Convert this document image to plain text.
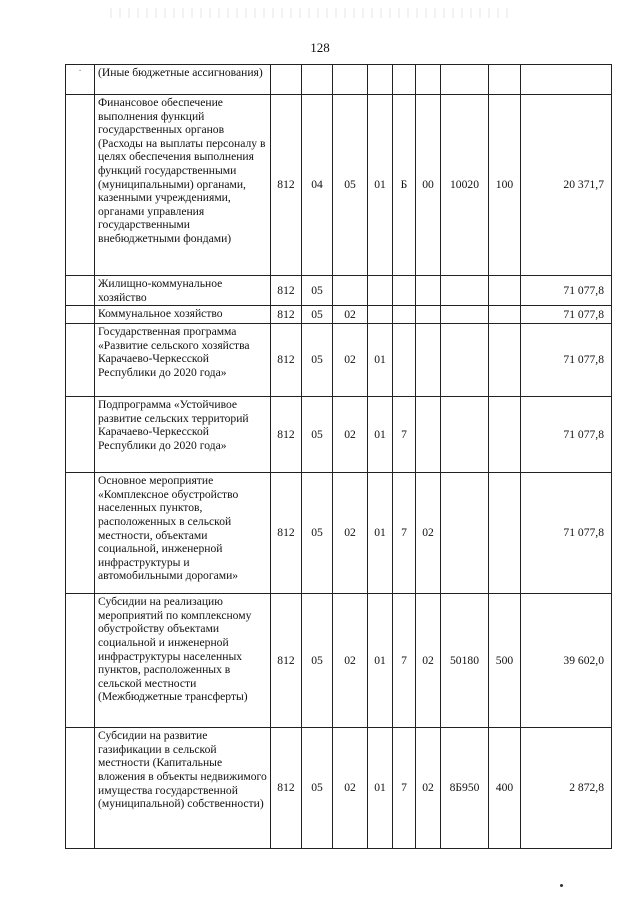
128
·	(Иные бюджетные ассигнования)									
	Финансовое обеспечение выполнения функций государственных органов (Расходы на выплаты персоналу в целях обеспечения выполнения функций государственными (муниципальными) органами, казенными учреждениями, органами управления государственными внебюджетными фондами)	812	04	05	01	Б	00	10020	100	20 371,7
	Жилищно-коммунальное хозяйство	812	05							71 077,8
	Коммунальное хозяйство	812	05	02						71 077,8
	Государственная программа «Развитие сельского хозяйства Карачаево-Черкесской Республики до 2020 года»	812	05	02	01					71 077,8
	Подпрограмма «Устойчивое развитие сельских территорий Карачаево-Черкесской Республики до 2020 года»	812	05	02	01	7				71 077,8
	Основное мероприятие «Комплексное обустройство населенных пунктов, расположенных в сельской местности, объектами социальной, инженерной инфраструктуры и автомобильными дорогами»	812	05	02	01	7	02			71 077,8
	Субсидии на реализацию мероприятий по комплексному обустройству объектами социальной и инженерной инфраструктуры населенных пунктов, расположенных в сельской местности (Межбюджетные трансферты)	812	05	02	01	7	02	50180	500	39 602,0
	Субсидии на развитие газификации в сельской местности (Капитальные вложения в объекты недвижимого имущества государственной (муниципальной) собственности)	812	05	02	01	7	02	8Б950	400	2 872,8
